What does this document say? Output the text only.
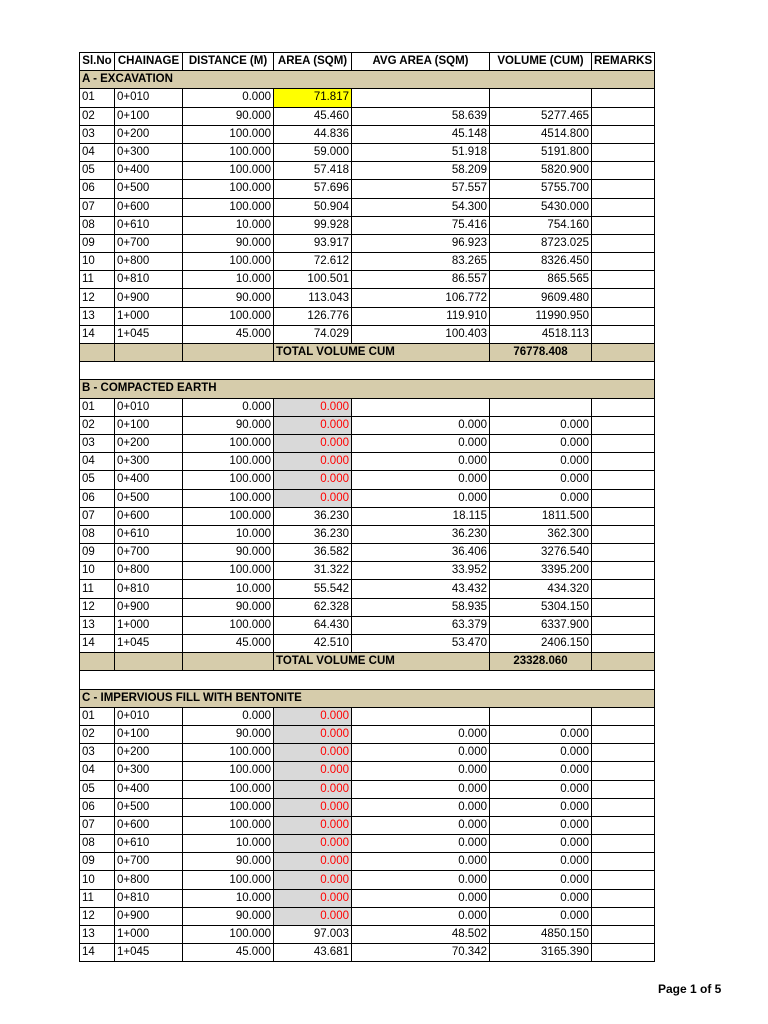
Sl.No	CHAINAGE	DISTANCE (M)	AREA (SQM)	AVG AREA (SQM)	VOLUME (CUM)	REMARKS
A - EXCAVATION						
01	0+010	0.000	71.817			
02	0+100	90.000	45.460	58.639	5277.465	
03	0+200	100.000	44.836	45.148	4514.800	
04	0+300	100.000	59.000	51.918	5191.800	
05	0+400	100.000	57.418	58.209	5820.900	
06	0+500	100.000	57.696	57.557	5755.700	
07	0+600	100.000	50.904	54.300	5430.000	
08	0+610	10.000	99.928	75.416	754.160	
09	0+700	90.000	93.917	96.923	8723.025	
10	0+800	100.000	72.612	83.265	8326.450	
11	0+810	10.000	100.501	86.557	865.565	
12	0+900	90.000	113.043	106.772	9609.480	
13	1+000	100.000	126.776	119.910	11990.950	
14	1+045	45.000	74.029	100.403	4518.113	
			TOTAL VOLUME CUM		76778.408	

B - COMPACTED EARTH						
01	0+010	0.000	0.000			
02	0+100	90.000	0.000	0.000	0.000	
03	0+200	100.000	0.000	0.000	0.000	
04	0+300	100.000	0.000	0.000	0.000	
05	0+400	100.000	0.000	0.000	0.000	
06	0+500	100.000	0.000	0.000	0.000	
07	0+600	100.000	36.230	18.115	1811.500	
08	0+610	10.000	36.230	36.230	362.300	
09	0+700	90.000	36.582	36.406	3276.540	
10	0+800	100.000	31.322	33.952	3395.200	
11	0+810	10.000	55.542	43.432	434.320	
12	0+900	90.000	62.328	58.935	5304.150	
13	1+000	100.000	64.430	63.379	6337.900	
14	1+045	45.000	42.510	53.470	2406.150	
			TOTAL VOLUME CUM		23328.060	

C - IMPERVIOUS FILL WITH BENTONITE						
01	0+010	0.000	0.000			
02	0+100	90.000	0.000	0.000	0.000	
03	0+200	100.000	0.000	0.000	0.000	
04	0+300	100.000	0.000	0.000	0.000	
05	0+400	100.000	0.000	0.000	0.000	
06	0+500	100.000	0.000	0.000	0.000	
07	0+600	100.000	0.000	0.000	0.000	
08	0+610	10.000	0.000	0.000	0.000	
09	0+700	90.000	0.000	0.000	0.000	
10	0+800	100.000	0.000	0.000	0.000	
11	0+810	10.000	0.000	0.000	0.000	
12	0+900	90.000	0.000	0.000	0.000	
13	1+000	100.000	97.003	48.502	4850.150	
14	1+045	45.000	43.681	70.342	3165.390	
Page 1 of 5
